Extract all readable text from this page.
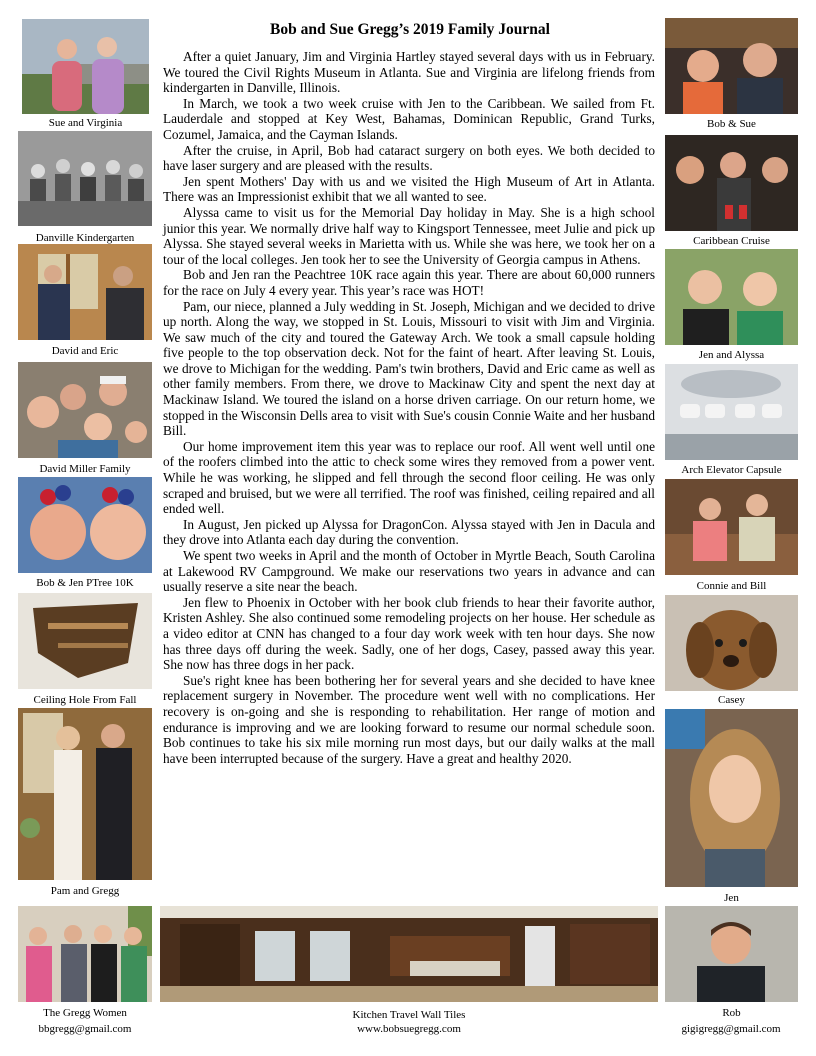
Bob and Sue Gregg’s 2019 Family Journal

After a quiet January, Jim and Virginia Hartley stayed several days with us in February. We toured the Civil Rights Museum in Atlanta. Sue and Virginia are lifelong friends from kindergarten in Danville, Illinois.

In March, we took a two week cruise with Jen to the Caribbean. We sailed from Ft. Lauderdale and stopped at Key West, Bahamas, Dominican Republic, Grand Turks, Cozumel, Jamaica, and the Cayman Islands.

After the cruise, in April, Bob had cataract surgery on both eyes. We both decided to have laser surgery and are pleased with the results.

Jen spent Mothers' Day with us and we visited the High Museum of Art in Atlanta. There was an Impressionist exhibit that we all wanted to see.

Alyssa came to visit us for the Memorial Day holiday in May. She is a high school junior this year. We normally drive half way to Kingsport Tennessee, meet Julie and pick up Alyssa. She stayed several weeks in Marietta with us. While she was here, we took her on a tour of the local colleges. Jen took her to see the University of Georgia campus in Athens.

Bob and Jen ran the Peachtree 10K race again this year. There are about 60,000 runners for the race on July 4 every year. This year’s race was HOT!

Pam, our niece, planned a July wedding in St. Joseph, Michigan and we decided to drive up north. Along the way, we stopped in St. Louis, Missouri to visit with Jim and Virginia. We saw much of the city and toured the Gateway Arch. We took a small capsule holding five people to the top observation deck. Not for the faint of heart. After leaving St. Louis, we drove to Michigan for the wedding. Pam's twin brothers, David and Eric came as well as other family members. From there, we drove to Mackinaw City and spent the next day at Mackinaw Island. We toured the island on a horse driven carriage. On our return home, we stopped in the Wisconsin Dells area to visit with Sue's cousin Connie Waite and her husband Bill.

Our home improvement item this year was to replace our roof. All went well until one of the roofers climbed into the attic to check some wires they removed from a power vent. While he was working, he slipped and fell through the second floor ceiling. He was only scraped and bruised, but we were all terrified. The roof was finished, ceiling repaired and all ended well.

In August, Jen picked up Alyssa for DragonCon. Alyssa stayed with Jen in Dacula and they drove into Atlanta each day during the convention.

We spent two weeks in April and the month of October in Myrtle Beach, South Carolina at Lakewood RV Campground. We make our reservations two years in advance and can usually reserve a site near the beach.

Jen flew to Phoenix in October with her book club friends to hear their favorite author, Kristen Ashley. She also continued some remodeling projects on her house. Her schedule as a video editor at CNN has changed to a four day work week with ten hour days. She now has three days off during the week. Sadly, one of her dogs, Casey, passed away this year. She now has three dogs in her pack.

Sue's right knee has been bothering her for several years and she decided to have knee replacement surgery in November. The procedure went well with no complications. Her recovery is on-going and she is responding to rehabilitation. Her range of motion and endurance is improving and we are looking forward to resume our normal schedule soon. Bob continues to take his six mile morning run most days, but our daily walks at the mall have been interrupted because of the surgery. Have a great and healthy 2020.

Sue and Virginia
Danville Kindergarten
David and Eric
David Miller Family
Bob & Jen PTree 10K
Ceiling Hole From Fall
Pam and Gregg
The Gregg Women
Bob & Sue
Caribbean Cruise
Jen and Alyssa
Arch Elevator Capsule
Connie and Bill
Casey
Jen
Rob
Kitchen Travel Wall Tiles
bbgregg@gmail.com	www.bobsuegregg.com	gigigregg@gmail.com
